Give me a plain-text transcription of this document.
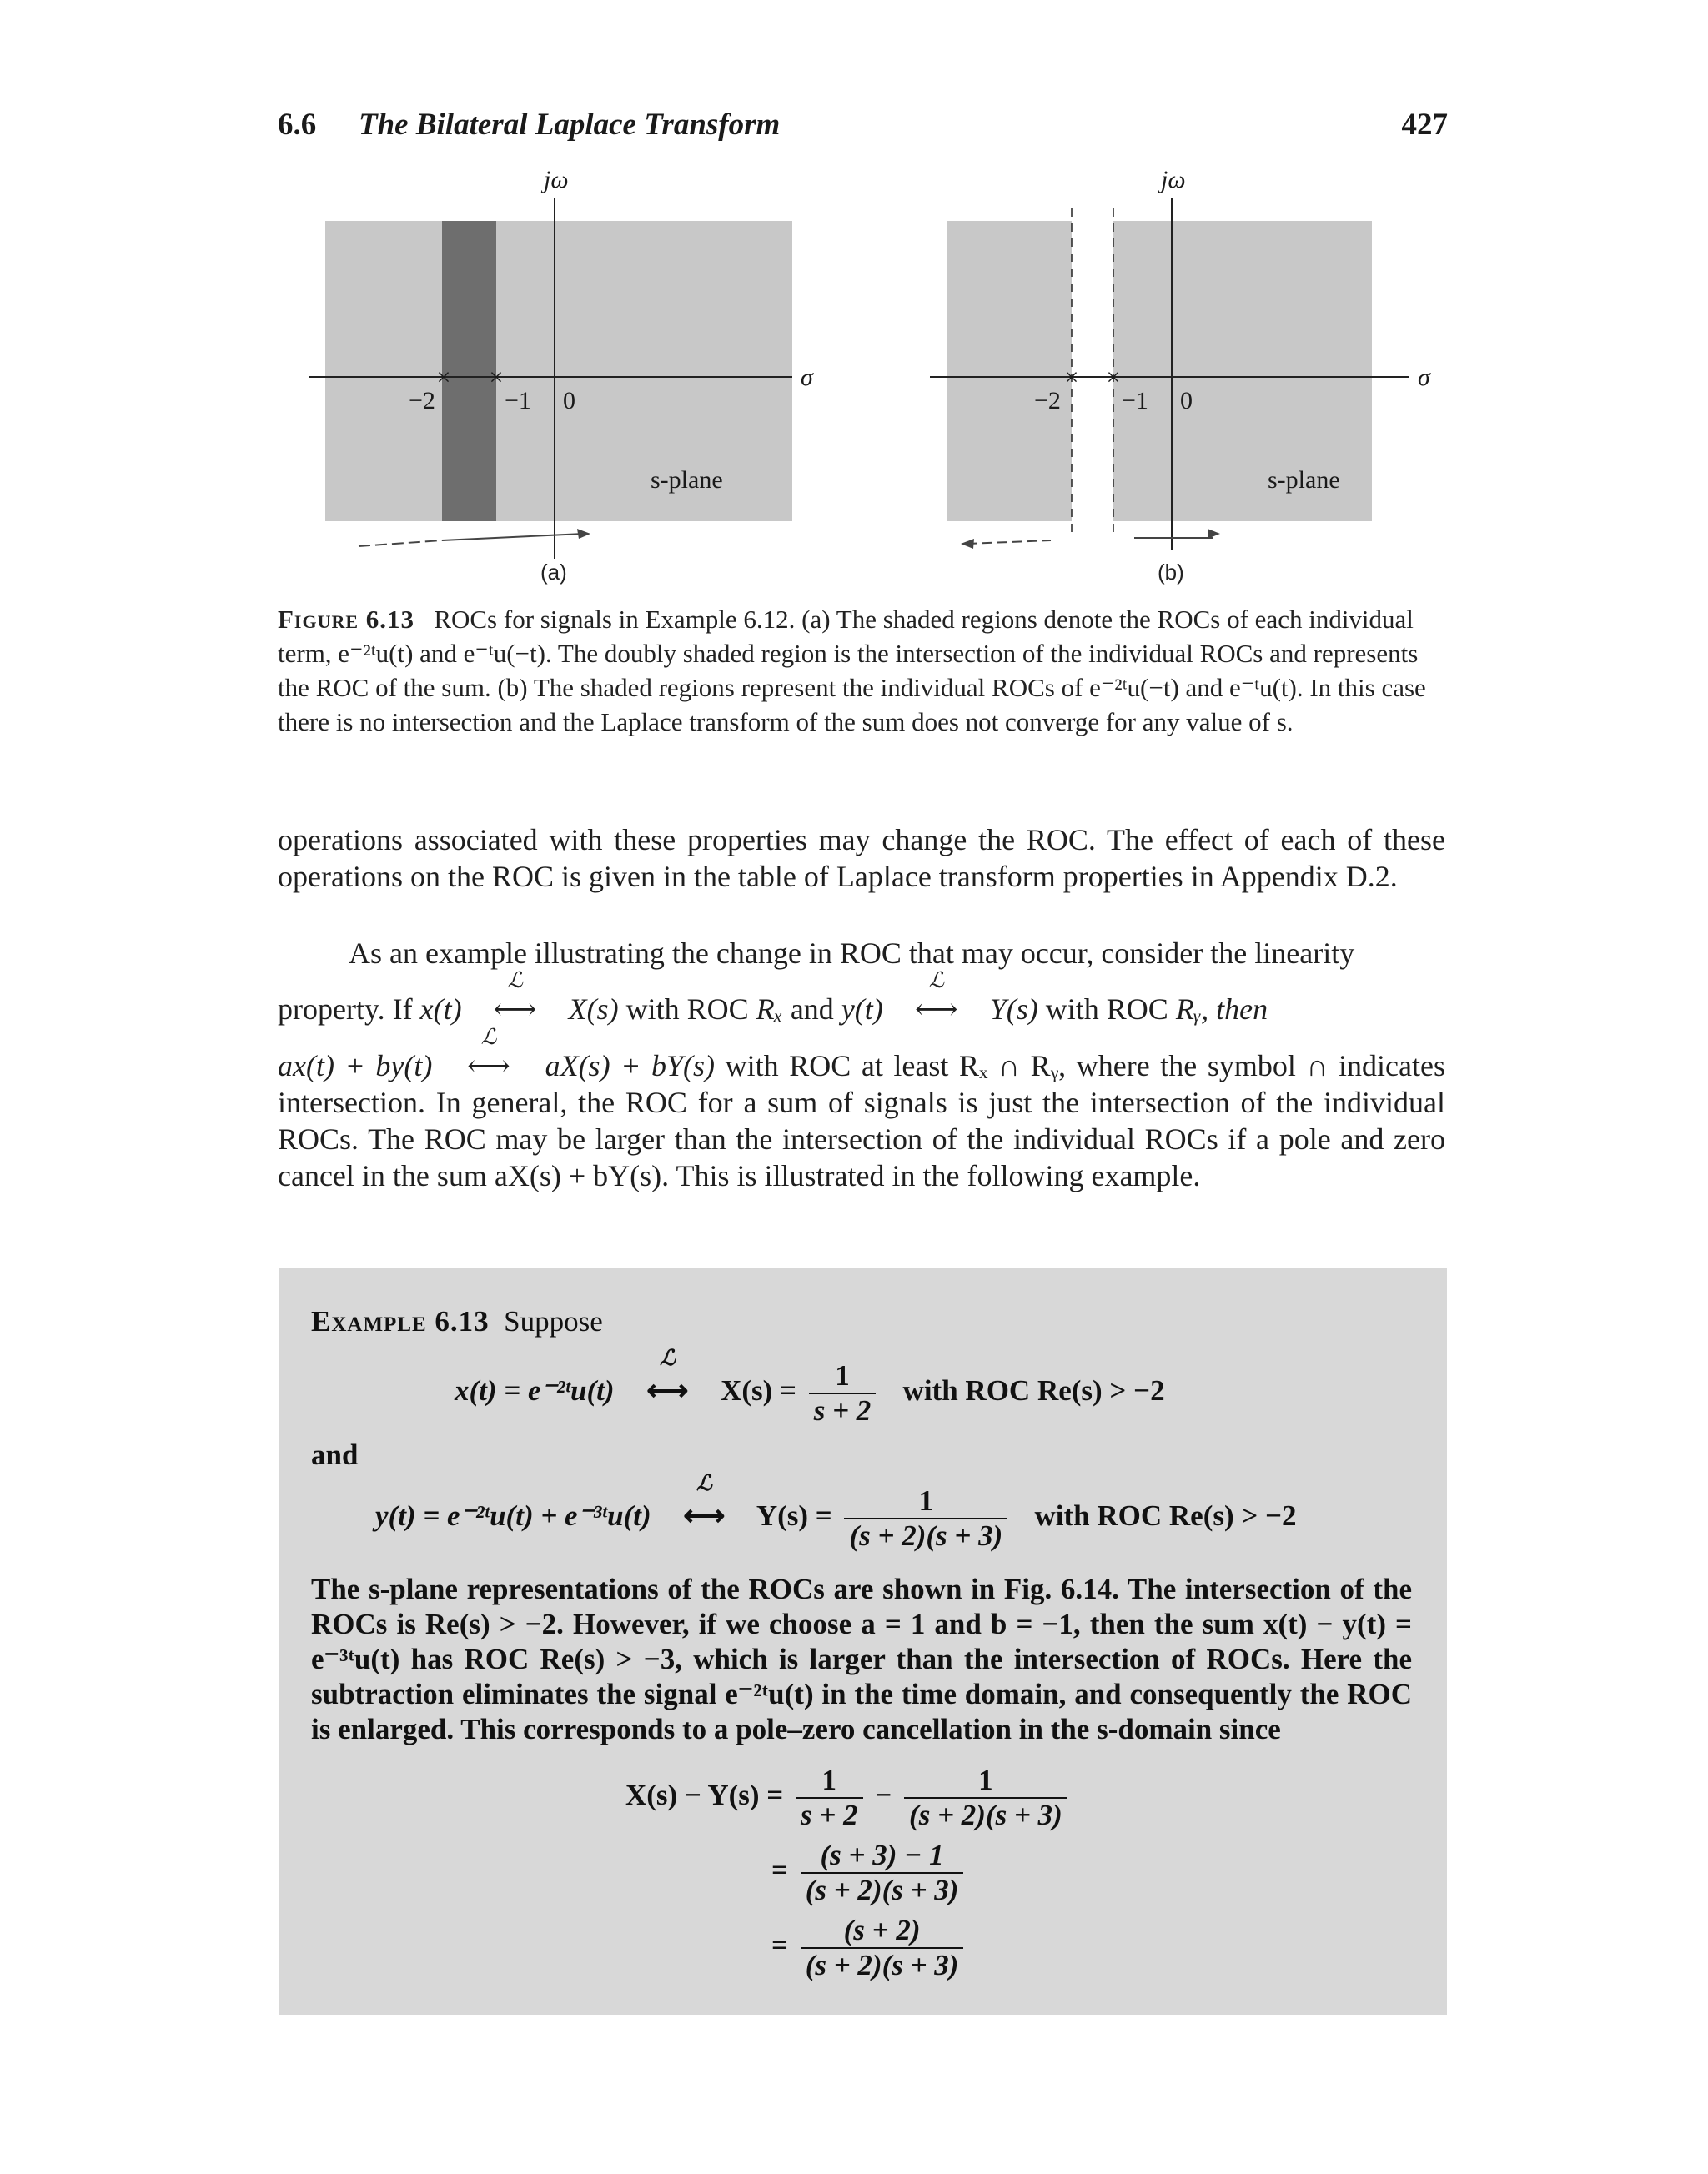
6.6 The Bilateral Laplace Transform	427
× ×
−2	−1 0
σ
jω
s-plane
(a)
× ×
−2 −1 0
σ
jω
s-plane
(b)
Figure 6.13 ROCs for signals in Example 6.12. (a) The shaded regions denote the ROCs of each individual term, e⁻²ᵗu(t) and e⁻ᵗu(−t). The doubly shaded region is the intersection of the individual ROCs and represents the ROC of the sum. (b) The shaded regions represent the individual ROCs of e⁻²ᵗu(−t) and e⁻ᵗu(t). In this case there is no intersection and the Laplace transform of the sum does not converge for any value of s.
operations associated with these properties may change the ROC. The effect of each of these operations on the ROC is given in the table of Laplace transform properties in Appendix D.2.
As an example illustrating the change in ROC that may occur, consider the linearity
property. If x(t)
ℒ
⟷ X(s) with ROC Rₓ and y(t)
ℒ
⟷ Y(s) with ROC Rᵧ, then
ax(t) + by(t)
ℒ
⟷ aX(s) + bY(s) with ROC at least Rₓ ∩ Rᵧ, where the symbol ∩ indicates intersection. In general, the ROC for a sum of signals is just the intersection of the individual ROCs. The ROC may be larger than the intersection of the individual ROCs if a pole and zero cancel in the sum aX(s) + bY(s). This is illustrated in the following example.
Example 6.13 Suppose
x(t) = e⁻²ᵗu(t)
ℒ
⟷ $X(s) = \frac{1}{s + 2}$ with ROC Re(s) > −2
and
y(t) = e⁻²ᵗu(t) + e⁻³ᵗu(t)
ℒ
⟷ $Y(s) = \frac{1}{(s + 2)(s + 3)}$ with ROC Re(s) > −2
The s-plane representations of the ROCs are shown in Fig. 6.14. The intersection of the ROCs is Re(s) > −2. However, if we choose a = 1 and b = −1, then the sum x(t) − y(t) = e⁻³ᵗu(t) has ROC Re(s) > −3, which is larger than the intersection of ROCs. Here the subtraction eliminates the signal e⁻²ᵗu(t) in the time domain, and consequently the ROC is enlarged. This corresponds to a pole–zero cancellation in the s-domain since
$X(s) - Y(s) = \frac{1}{s + 2} - \frac{1}{(s + 2)(s + 3)}$
= $\frac{(s + 3) - 1}{(s + 2)(s + 3)}$
= $\frac{(s + 2)}{(s + 2)(s + 3)}$
